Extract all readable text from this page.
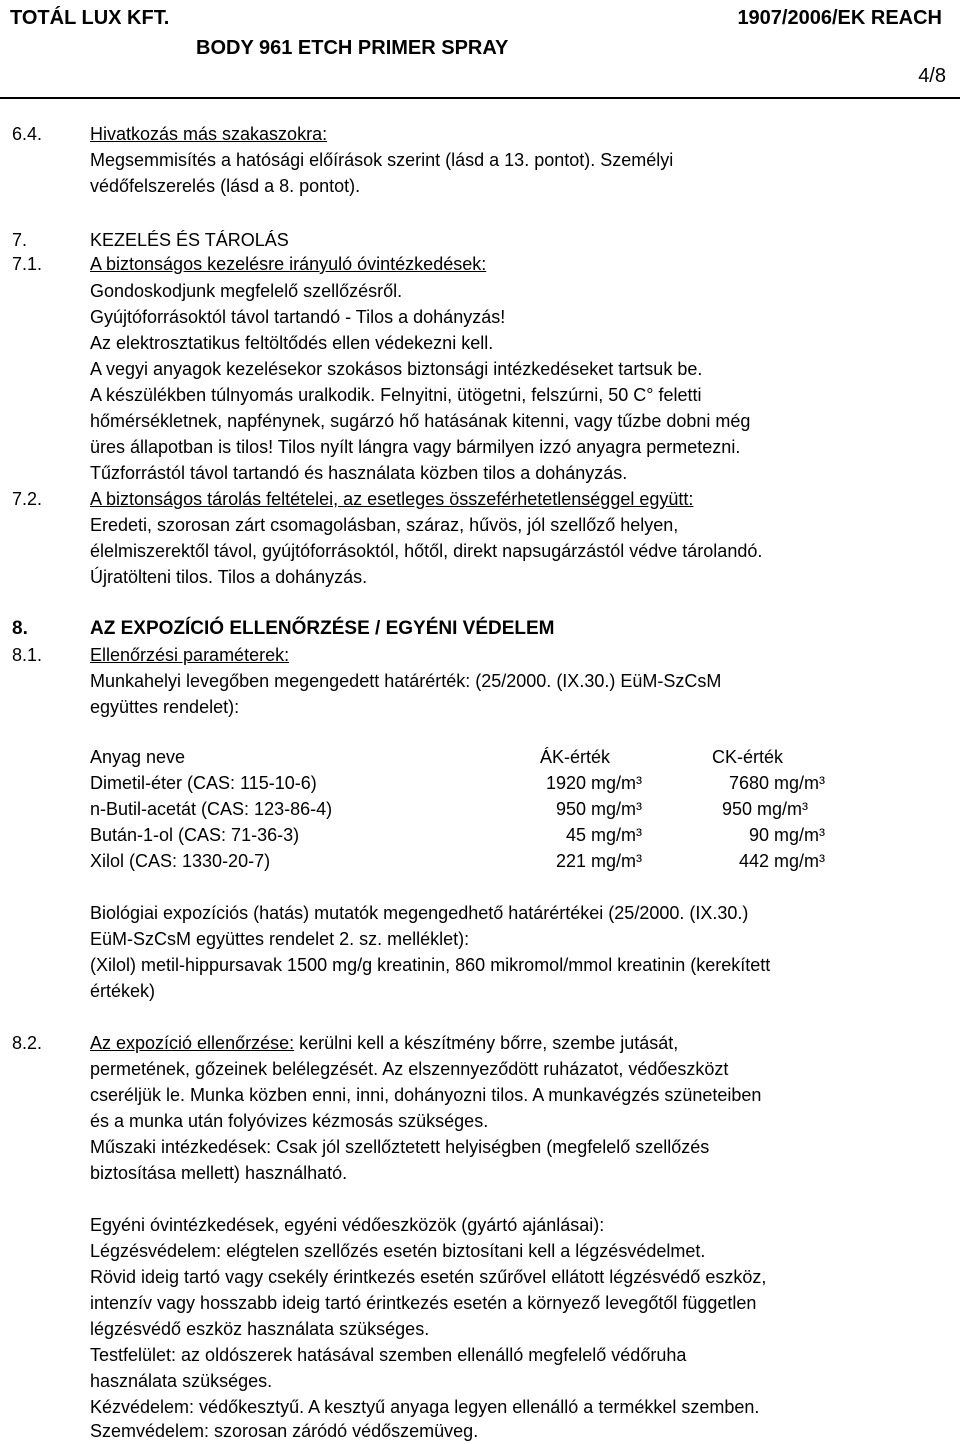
TOTÁL LUX KFT.	1907/2006/EK REACH
BODY 961 ETCH PRIMER SPRAY
4/8
6.4.	Hivatkozás más szakaszokra:
Megsemmisítés a hatósági előírások szerint (lásd a 13. pontot). Személyi
védőfelszerelés (lásd a 8. pontot).
7.	KEZELÉS ÉS TÁROLÁS
7.1.	A biztonságos kezelésre irányuló óvintézkedések:
Gondoskodjunk megfelelő szellőzésről.
Gyújtóforrásoktól távol tartandó - Tilos a dohányzás!
Az elektrosztatikus feltöltődés ellen védekezni kell.
A vegyi anyagok kezelésekor szokásos biztonsági intézkedéseket tartsuk be.
A készülékben túlnyomás uralkodik. Felnyitni, ütögetni, felszúrni, 50 C° feletti
hőmérsékletnek, napfénynek, sugárzó hő hatásának kitenni, vagy tűzbe dobni még
üres állapotban is tilos! Tilos nyílt lángra vagy bármilyen izzó anyagra permetezni.
Tűzforrástól távol tartandó és használata közben tilos a dohányzás.
7.2.	A biztonságos tárolás feltételei, az esetleges összeférhetetlenséggel együtt:
Eredeti, szorosan zárt csomagolásban, száraz, hűvös, jól szellőző helyen,
élelmiszerektől távol, gyújtóforrásoktól, hőtől, direkt napsugárzástól védve tárolandó.
Újratölteni tilos. Tilos a dohányzás.
8.	AZ EXPOZÍCIÓ ELLENŐRZÉSE / EGYÉNI VÉDELEM
8.1.	Ellenőrzési paraméterek:
Munkahelyi levegőben megengedett határérték: (25/2000. (IX.30.) EüM-SzCsM
együttes rendelet):
Anyag neve	ÁK-érték	CK-érték
Dimetil-éter (CAS: 115-10-6)	1920 mg/m³	7680 mg/m³
n-Butil-acetát (CAS: 123-86-4)	950 mg/m³	950 mg/m³
Bután-1-ol (CAS: 71-36-3)	45 mg/m³	90 mg/m³
Xilol (CAS: 1330-20-7)	221 mg/m³	442 mg/m³
Biológiai expozíciós (hatás) mutatók megengedhető határértékei (25/2000. (IX.30.)
EüM-SzCsM együttes rendelet 2. sz. melléklet):
(Xilol) metil-hippursavak 1500 mg/g kreatinin, 860 mikromol/mmol kreatinin (kerekített
értékek)
8.2.	Az expozíció ellenőrzése: kerülni kell a készítmény bőrre, szembe jutását,
permetének, gőzeinek belélegzését. Az elszennyeződött ruházatot, védőeszközt
cseréljük le. Munka közben enni, inni, dohányozni tilos. A munkavégzés szüneteiben
és a munka után folyóvizes kézmosás szükséges.
Műszaki intézkedések: Csak jól szellőztetett helyiségben (megfelelő szellőzés
biztosítása mellett) használható.
Egyéni óvintézkedések, egyéni védőeszközök (gyártó ajánlásai):
Légzésvédelem: elégtelen szellőzés esetén biztosítani kell a légzésvédelmet.
Rövid ideig tartó vagy csekély érintkezés esetén szűrővel ellátott légzésvédő eszköz,
intenzív vagy hosszabb ideig tartó érintkezés esetén a környező levegőtől független
légzésvédő eszköz használata szükséges.
Testfelület: az oldószerek hatásával szemben ellenálló megfelelő védőruha
használata szükséges.
Kézvédelem: védőkesztyű. A kesztyű anyaga legyen ellenálló a termékkel szemben.
Szemvédelem: szorosan záródó védőszemüveg.
